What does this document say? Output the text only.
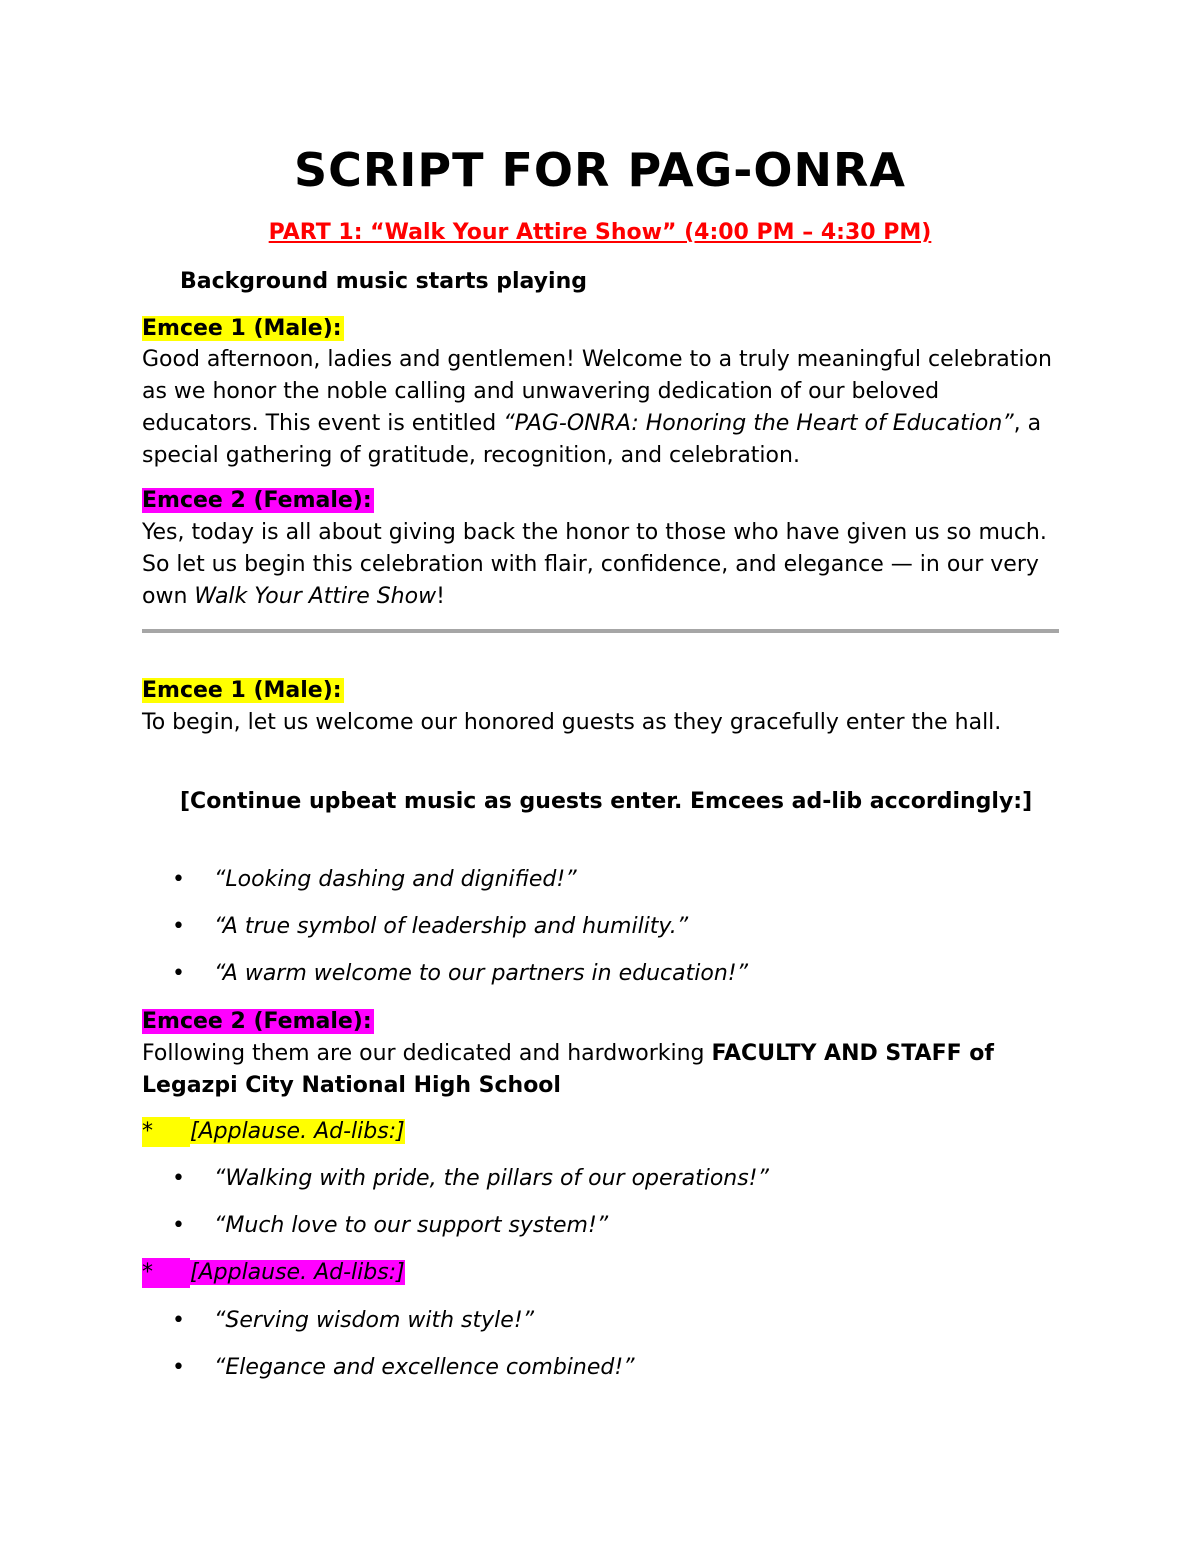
SCRIPT FOR PAG-ONRA
PART 1: “Walk Your Attire Show” (4:00 PM – 4:30 PM)
Background music starts playing
Emcee 1 (Male):
Good afternoon, ladies and gentlemen! Welcome to a truly meaningful celebration as we honor the noble calling and unwavering dedication of our beloved educators. This event is entitled “PAG-ONRA: Honoring the Heart of Education”, a special gathering of gratitude, recognition, and celebration.
Emcee 2 (Female):
Yes, today is all about giving back the honor to those who have given us so much. So let us begin this celebration with flair, confidence, and elegance — in our very own Walk Your Attire Show!
Emcee 1 (Male):
To begin, let us welcome our honored guests as they gracefully enter the hall.
[Continue upbeat music as guests enter. Emcees ad-lib accordingly:]
• “Looking dashing and dignified!”
• “A true symbol of leadership and humility.”
• “A warm welcome to our partners in education!”
Emcee 2 (Female):
Following them are our dedicated and hardworking FACULTY AND STAFF of Legazpi City National High School
* [Applause. Ad-libs:]
• “Walking with pride, the pillars of our operations!”
• “Much love to our support system!”
* [Applause. Ad-libs:]
• “Serving wisdom with style!”
• “Elegance and excellence combined!”
